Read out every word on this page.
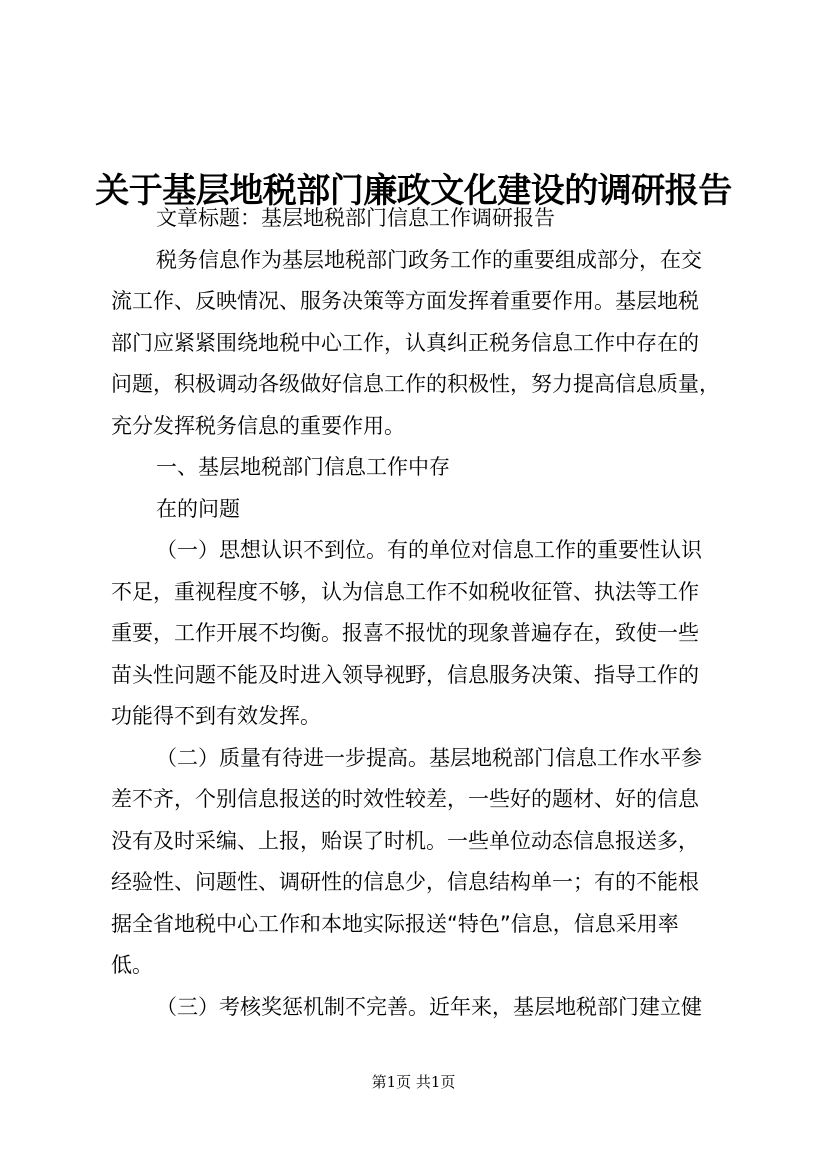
关于基层地税部门廉政文化建设的调研报告
文章标题：基层地税部门信息工作调研报告
税务信息作为基层地税部门政务工作的重要组成部分，在交
流工作、反映情况、服务决策等方面发挥着重要作用。基层地税
部门应紧紧围绕地税中心工作，认真纠正税务信息工作中存在的
问题，积极调动各级做好信息工作的积极性，努力提高信息质量，
充分发挥税务信息的重要作用。
一、基层地税部门信息工作中存
在的问题
（一）思想认识不到位。有的单位对信息工作的重要性认识
不足，重视程度不够，认为信息工作不如税收征管、执法等工作
重要，工作开展不均衡。报喜不报忧的现象普遍存在，致使一些
苗头性问题不能及时进入领导视野，信息服务决策、指导工作的
功能得不到有效发挥。
（二）质量有待进一步提高。基层地税部门信息工作水平参
差不齐，个别信息报送的时效性较差，一些好的题材、好的信息
没有及时采编、上报，贻误了时机。一些单位动态信息报送多，
经验性、问题性、调研性的信息少，信息结构单一；有的不能根
据全省地税中心工作和本地实际报送“特色”信息，信息采用率
低。
（三）考核奖惩机制不完善。近年来，基层地税部门建立健
第1页 共1页
